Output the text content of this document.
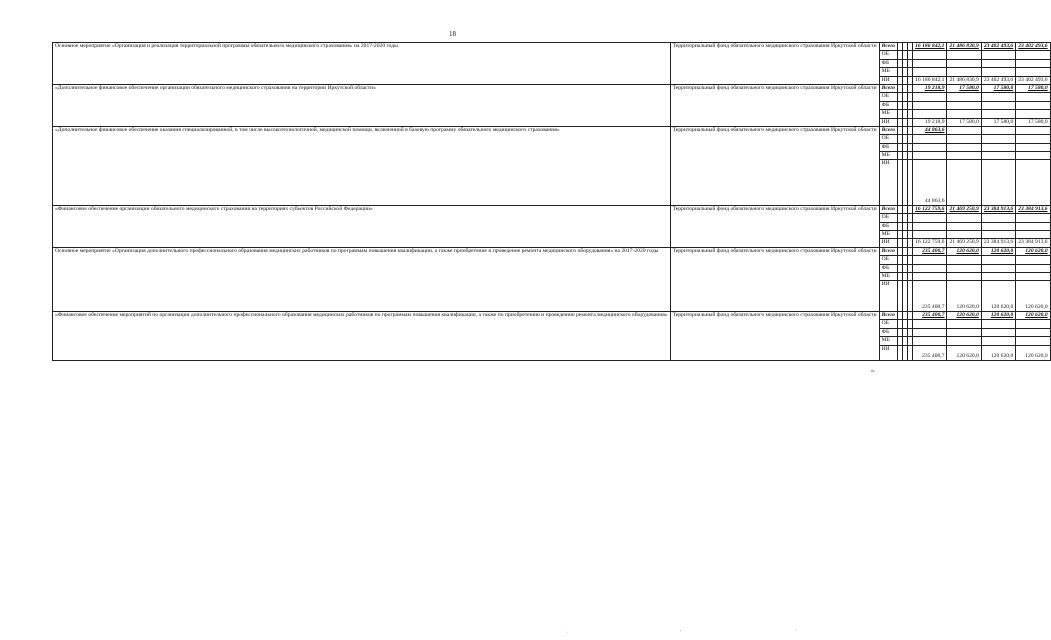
18
Основное мероприятие «Организация и реализация территориальной программы обязательного медицинского страхования» на 2017-2020 годы	Территориальный фонд обязательного медицинского страхования Иркутской области	Всего				16 186 842,1	21 486 830,9	23 402 493,6	23 402 493,6
		ОБ							
		ФБ							
		МБ							
		ИИ				16 186 842,1	21 486 830,9	23 402 493,6	23 402 493,6
«Дополнительное финансовое обеспечение организации обязательного медицинского страхования на территории Иркутской области»	Территориальный фонд обязательного медицинского страхования Иркутской области	Всего				19 218,9	17 580,0	17 580,0	17 580,0
		ОБ							
		ФБ							
		МБ							
		ИИ				19 218,9	17 580,0	17 580,0	17 580,0
«Дополнительное финансовое обеспечение оказания специализированной, в том числе высокотехнологичной, медицинской помощи, включенной в базовую программу обязательного медицинского страхования»	Территориальный фонд обязательного медицинского страхования Иркутской области	Всего				44 863,6			
		ОБ							
		ФБ							
		МБ							
		ИИ				44 863,6			
«Финансовое обеспечение организации обязательного медицинского страхования на территориях субъектов Российской Федерации»	Территориальный фонд обязательного медицинского страхования Иркутской области	Всего				16 122 759,6	21 469 250,9	23 384 913,6	23 384 913,6
		ОБ							
		ФБ							
		МБ							
		ИИ				16 122 759,6	21 469 250,9	23 384 913,6	23 384 913,6
Основное мероприятие «Организация дополнительного профессионального образования медицинских работников по программам повышения квалификации, а также приобретение и проведение ремонта медицинского оборудования» на 2017-2020 годы	Территориальный фонд обязательного медицинского страхования Иркутской области	Всего				235 400,7	120 620,0	120 620,0	120 620,0
		ОБ							
		ФБ							
		МБ							
		ИИ				235 400,7	120 620,0	120 620,0	120 620,0
«Финансовое обеспечение мероприятий по организации дополнительного профессионального образования медицинских работников по программам повышения квалификации, а также по приобретению и проведению ремонта медицинского оборудования»	Территориальный фонд обязательного медицинского страхования Иркутской области	Всего				235 400,7	120 620,0	120 620,0	120 620,0
		ОБ							
		ФБ							
		МБ							
		ИИ				235 400,7	120 620,0	120 620,0	120 620,0
».
·	'	`
